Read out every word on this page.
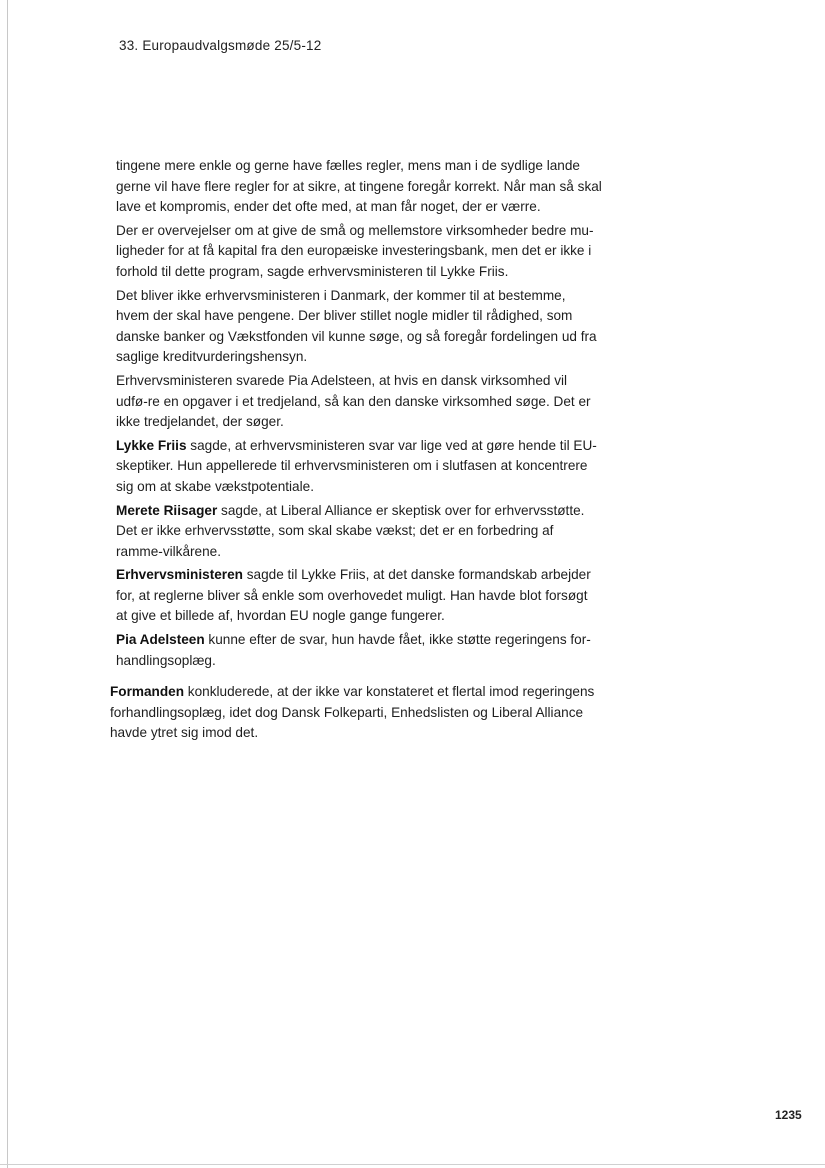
33. Europaudvalgsmøde 25/5-12

tingene mere enkle og gerne have fælles regler, mens man i de sydlige lande gerne vil have flere regler for at sikre, at tingene foregår korrekt. Når man så skal lave et kompromis, ender det ofte med, at man får noget, der er værre.

Der er overvejelser om at give de små og mellemstore virksomheder bedre mu-ligheder for at få kapital fra den europæiske investeringsbank, men det er ikke i forhold til dette program, sagde erhvervsministeren til Lykke Friis.

Det bliver ikke erhvervsministeren i Danmark, der kommer til at bestemme, hvem der skal have pengene. Der bliver stillet nogle midler til rådighed, som danske banker og Vækstfonden vil kunne søge, og så foregår fordelingen ud fra saglige kreditvurderingshensyn.

Erhvervsministeren svarede Pia Adelsteen, at hvis en dansk virksomhed vil udfø-re en opgaver i et tredjeland, så kan den danske virksomhed søge. Det er ikke tredjelandet, der søger.

Lykke Friis sagde, at erhvervsministeren svar var lige ved at gøre hende til EU-skeptiker. Hun appellerede til erhvervsministeren om i slutfasen at koncentrere sig om at skabe vækstpotentiale.

Merete Riisager sagde, at Liberal Alliance er skeptisk over for erhvervsstøtte. Det er ikke erhvervsstøtte, som skal skabe vækst; det er en forbedring af ramme-vilkårene.

Erhvervsministeren sagde til Lykke Friis, at det danske formandskab arbejder for, at reglerne bliver så enkle som overhovedet muligt. Han havde blot forsøgt at give et billede af, hvordan EU nogle gange fungerer.

Pia Adelsteen kunne efter de svar, hun havde fået, ikke støtte regeringens for-handlingsoplæg.

Formanden konkluderede, at der ikke var konstateret et flertal imod regeringens forhandlingsoplæg, idet dog Dansk Folkeparti, Enhedslisten og Liberal Alliance havde ytret sig imod det.

1235
